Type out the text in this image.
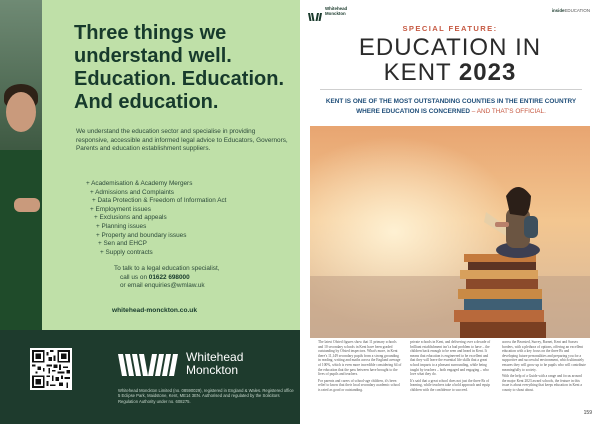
Three things we
understand well.
Education. Education.
And education.

We understand the education sector and specialise in providing responsive, accessible and informed legal advice to Educators, Governors, Parents and education establishment suppliers.

+ Academisation & Academy Mergers
+ Admissions and Complaints
+ Data Protection & Freedom of Information Act
+ Employment issues
+ Exclusions and appeals
+ Planning issues
+ Property and boundary issues
+ Sen and EHCP
+ Supply contracts
To talk to a legal education specialist,
call us on 01622 698000
or email enquiries@wmlaw.uk
whitehead-monckton.co.uk
Whitehead
Monckton

Whitehead Monckton Limited (no. 08590029), registered in England & Wales. Registered office 5 Eclipse Park, Maidstone, Kent, ME14 3EN. Authorised and regulated by the Solicitors Regulation Authority under no. 608275.

Whitehead
Monckton
insideEDUCATION
SPECIAL FEATURE:
EDUCATION IN
KENT 2023

KENT IS ONE OF THE MOST OUTSTANDING COUNTIES IN THE ENTIRE COUNTRY WHERE EDUCATION IS CONCERNED – AND THAT'S OFFICIAL.

The latest Ofsted figures show that 11 primary schools and 10 secondary schools in Kent have been graded outstanding by Ofsted inspectors. What's more, in Kent there's 11,149 secondary pupils from a strong grounding in reading, writing and maths across the England average of 100%, which is even more incredible considering 64 of the education that the pass between have brought to the lives of pupils and teachers.

For parents and carers of school-age children, it's been relief to know that their local secondary academic school is rated as good or outstanding.

private schools in Kent, and delivering over a decade of brilliant establishment isn't a bad problem to have – the children back enough to be seen and heard in Kent. It means that education is engineered to be excellent and that they will leave the essential life skills that a great school imparts to a pleasant surrounding, while being taught by teachers – both engaged and engaging – who love what they do.

It's said that a great school does not just the three Rs of learning, while teachers take a bold approach and equip children with the confidence to succeed.

across the Bearsted, Surrey, Barnet, Kent and Sussex borders, with a plethora of options, offering an excellent education with a key focus on the three Rs and developing future personalities and preparing you for a supportive and successful environment, which ultimately ensures they will grow up to be pupils who will contribute meaningfully to society.

With the help of a Guide with a range and focus around the major Kent 2023 award schools, the feature in this issue is about everything that keeps education in Kent a county to shout about.

159
